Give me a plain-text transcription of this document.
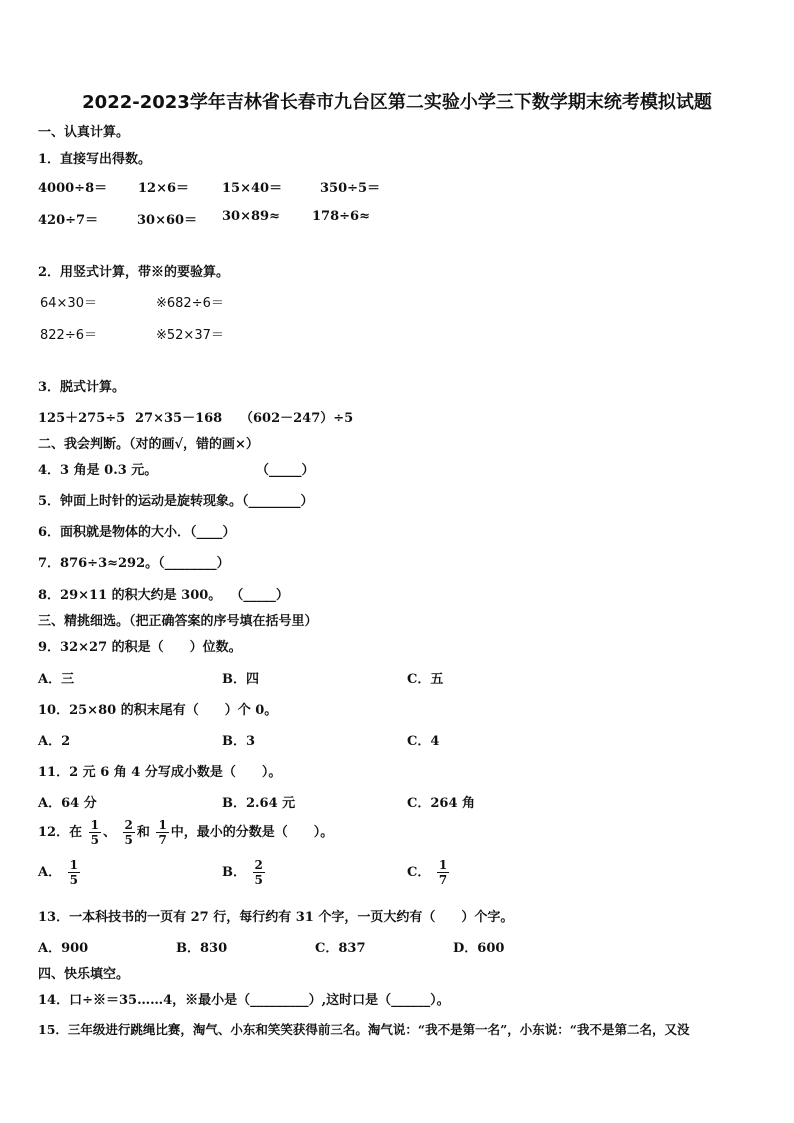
2022-2023学年吉林省长春市九台区第二实验小学三下数学期末统考模拟试题
一、认真计算。
1．直接写出得数。
4000÷8＝ 12×6＝	15×40＝	350÷5＝
420÷7＝	30×60＝ 30×89≈ 178÷6≈
2．用竖式计算，带※的要验算。
64×30＝	※682÷6＝
822÷6＝	※52×37＝
3．脱式计算。
125＋275÷5 27×35－168 （602－247）÷5
二、我会判断。（对的画√，错的画×）
4．3 角是 0.3 元。	（_____）
5．钟面上时针的运动是旋转现象。（________）
6．面积就是物体的大小．（____）
7．876÷3≈292。（________）
8．29×11 的积大约是 300。 （_____）
三、精挑细选。（把正确答案的序号填在括号里）
9．32×27 的积是（　　）位数。
A．三	B．四	C．五
10．25×80 的积末尾有（　　）个 0。
A．2	B．3	C．4
11．2 元 6 角 4 分写成小数是（　　）。
A．64 分	B．2.64 元	C．264 角
12．在 $\frac{1}{5}$ 、 $\frac{2}{5}$ 和 $\frac{1}{7}$ 中，最小的分数是（　　）。
A． $\frac{1}{5}$	B． $\frac{2}{5}$	C． $\frac{1}{7}$
13．一本科技书的一页有 27 行，每行约有 31 个字，一页大约有（　　）个字。
A．900	B．830	C．837	D．600
四、快乐填空。
14．口÷※＝35……4，※最小是（_________）,这时口是（______）。
15．三年级进行跳绳比赛，淘气、小东和笑笑获得前三名。淘气说：“我不是第一名”，小东说：“我不是第二名，又没
